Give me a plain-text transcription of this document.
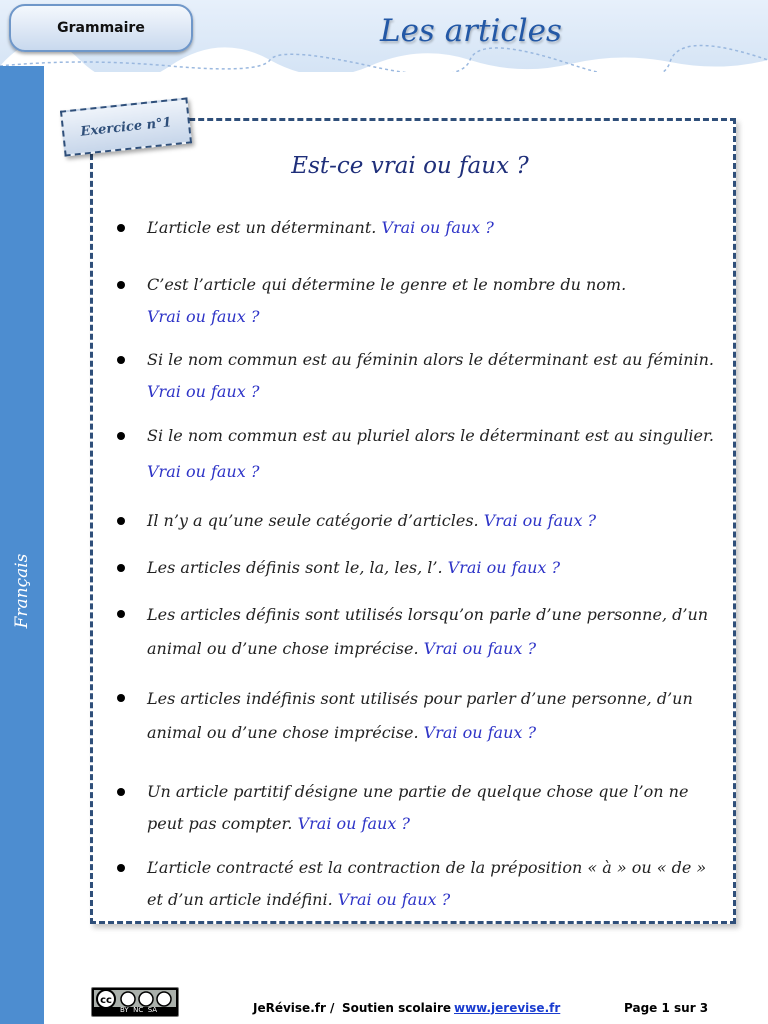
Grammaire	Les articles
Français
Exercice n°1
Est-ce vrai ou faux ?
L’article est un déterminant. Vrai ou faux ?
C’est l’article qui détermine le genre et le nombre du nom.
Vrai ou faux ?
Si le nom commun est au féminin alors le déterminant est au féminin.
Vrai ou faux ?
Si le nom commun est au pluriel alors le déterminant est au singulier.
Vrai ou faux ?
Il n’y a qu’une seule catégorie d’articles. Vrai ou faux ?
Les articles définis sont le, la, les, l’. Vrai ou faux ?
Les articles définis sont utilisés lorsqu’on parle d’une personne, d’un animal ou d’une chose imprécise. Vrai ou faux ?
Les articles indéfinis sont utilisés pour parler d’une personne, d’un animal ou d’une chose imprécise. Vrai ou faux ?
Un article partitif désigne une partie de quelque chose que l’on ne peut pas compter. Vrai ou faux ?
L’article contracté est la contraction de la préposition « à » ou « de » et d’un article indéfini. Vrai ou faux ?
cc
BY  NC  SA	JeRévise.fr / Soutien scolaire www.jerevise.fr	Page 1 sur 3
